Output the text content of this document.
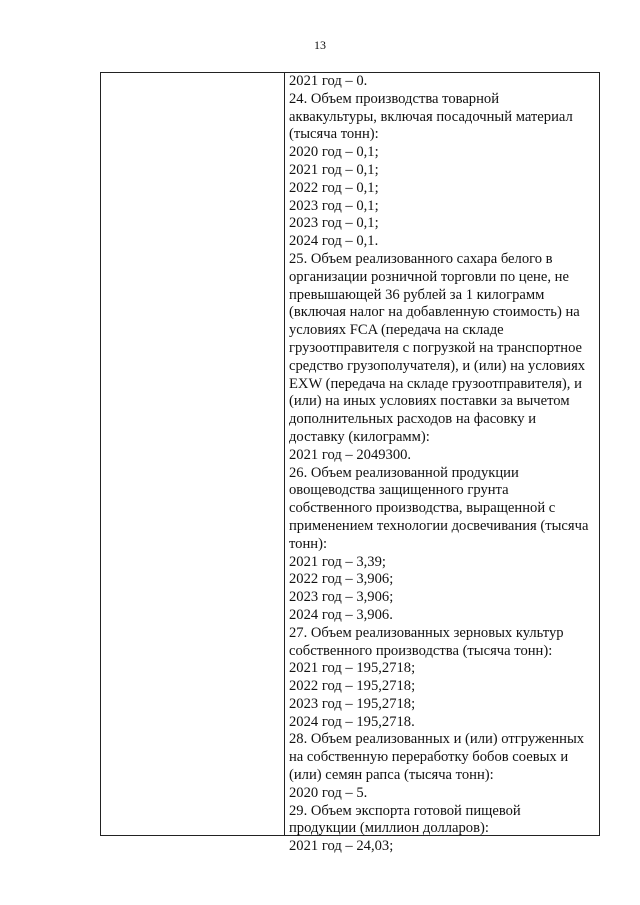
13
2021 год – 0.
24. Объем производства товарной
аквакультуры, включая посадочный материал
(тысяча тонн):
2020 год – 0,1;
2021 год – 0,1;
2022 год – 0,1;
2023 год – 0,1;
2023 год – 0,1;
2024 год – 0,1.
25. Объем реализованного сахара белого в
организации розничной торговли по цене, не
превышающей 36 рублей за 1 килограмм
(включая налог на добавленную стоимость) на
условиях FCA (передача на складе
грузоотправителя с погрузкой на транспортное
средство грузополучателя), и (или) на условиях
EXW (передача на складе грузоотправителя), и
(или) на иных условиях поставки за вычетом
дополнительных расходов на фасовку и
доставку (килограмм):
2021 год – 2049300.
26. Объем реализованной продукции
овощеводства защищенного грунта
собственного производства, выращенной с
применением технологии досвечивания (тысяча
тонн):
2021 год – 3,39;
2022 год – 3,906;
2023 год – 3,906;
2024 год – 3,906.
27. Объем реализованных зерновых культур
собственного производства (тысяча тонн):
2021 год – 195,2718;
2022 год – 195,2718;
2023 год – 195,2718;
2024 год – 195,2718.
28. Объем реализованных и (или) отгруженных
на собственную переработку бобов соевых и
(или) семян рапса (тысяча тонн):
2020 год – 5.
29. Объем экспорта готовой пищевой
продукции (миллион долларов):
2021 год – 24,03;
